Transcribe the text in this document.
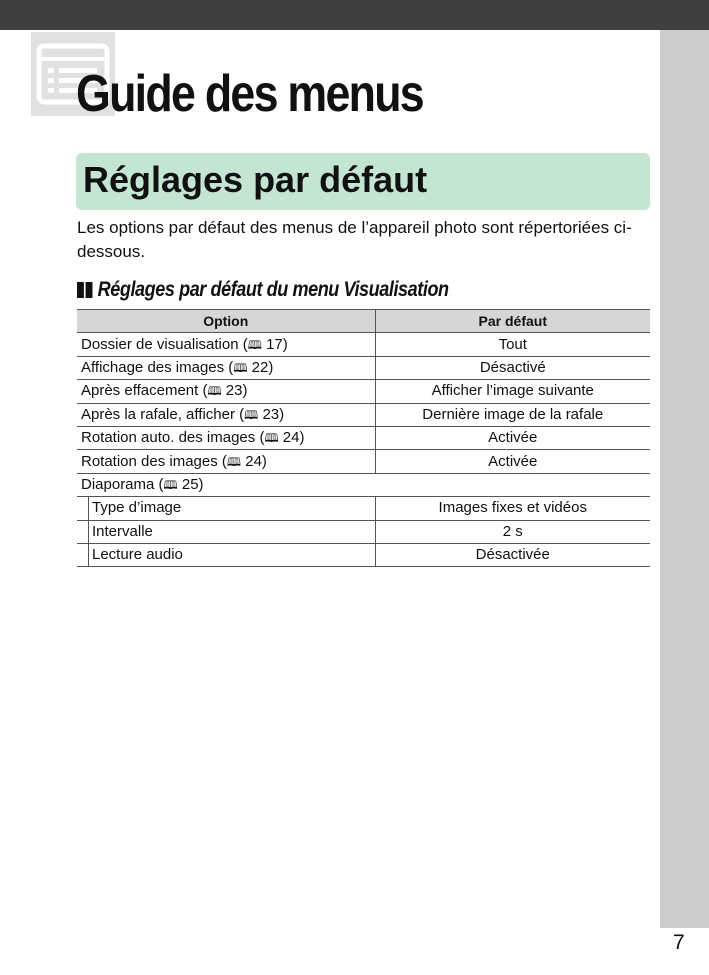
Guide des menus
Réglages par défaut

Les options par défaut des menus de l’appareil photo sont répertoriées ci-dessous.

Réglages par défaut du menu Visualisation
Option	Par défaut
Dossier de visualisation (🕮 17)	Tout
Affichage des images (🕮 22)	Désactivé
Après effacement (🕮 23)	Afficher l’image suivante
Après la rafale, afficher (🕮 23)	Dernière image de la rafale
Rotation auto. des images (🕮 24)	Activée
Rotation des images (🕮 24)	Activée
Diaporama (🕮 25)	
Type d’image	Images fixes et vidéos
Intervalle	2 s
Lecture audio	Désactivée
7
